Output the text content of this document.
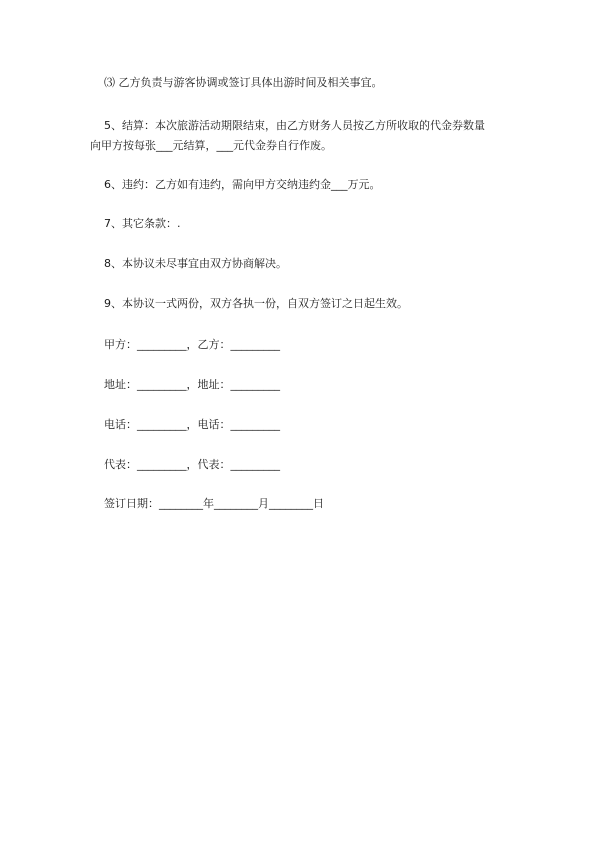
⑶ 乙方负责与游客协调或签订具体出游时间及相关事宜。
5、结算：本次旅游活动期限结束，由乙方财务人员按乙方所收取的代金券数量
向甲方按每张___元结算，___元代金券自行作废。
6、违约：乙方如有违约，需向甲方交纳违约金___万元。
7、其它条款：.
8、本协议未尽事宜由双方协商解决。
9、本协议一式两份，双方各执一份，自双方签订之日起生效。
甲方：_________，乙方：_________
地址：_________，地址：_________
电话：_________，电话：_________
代表：_________，代表：_________
签订日期：________年________月________日
